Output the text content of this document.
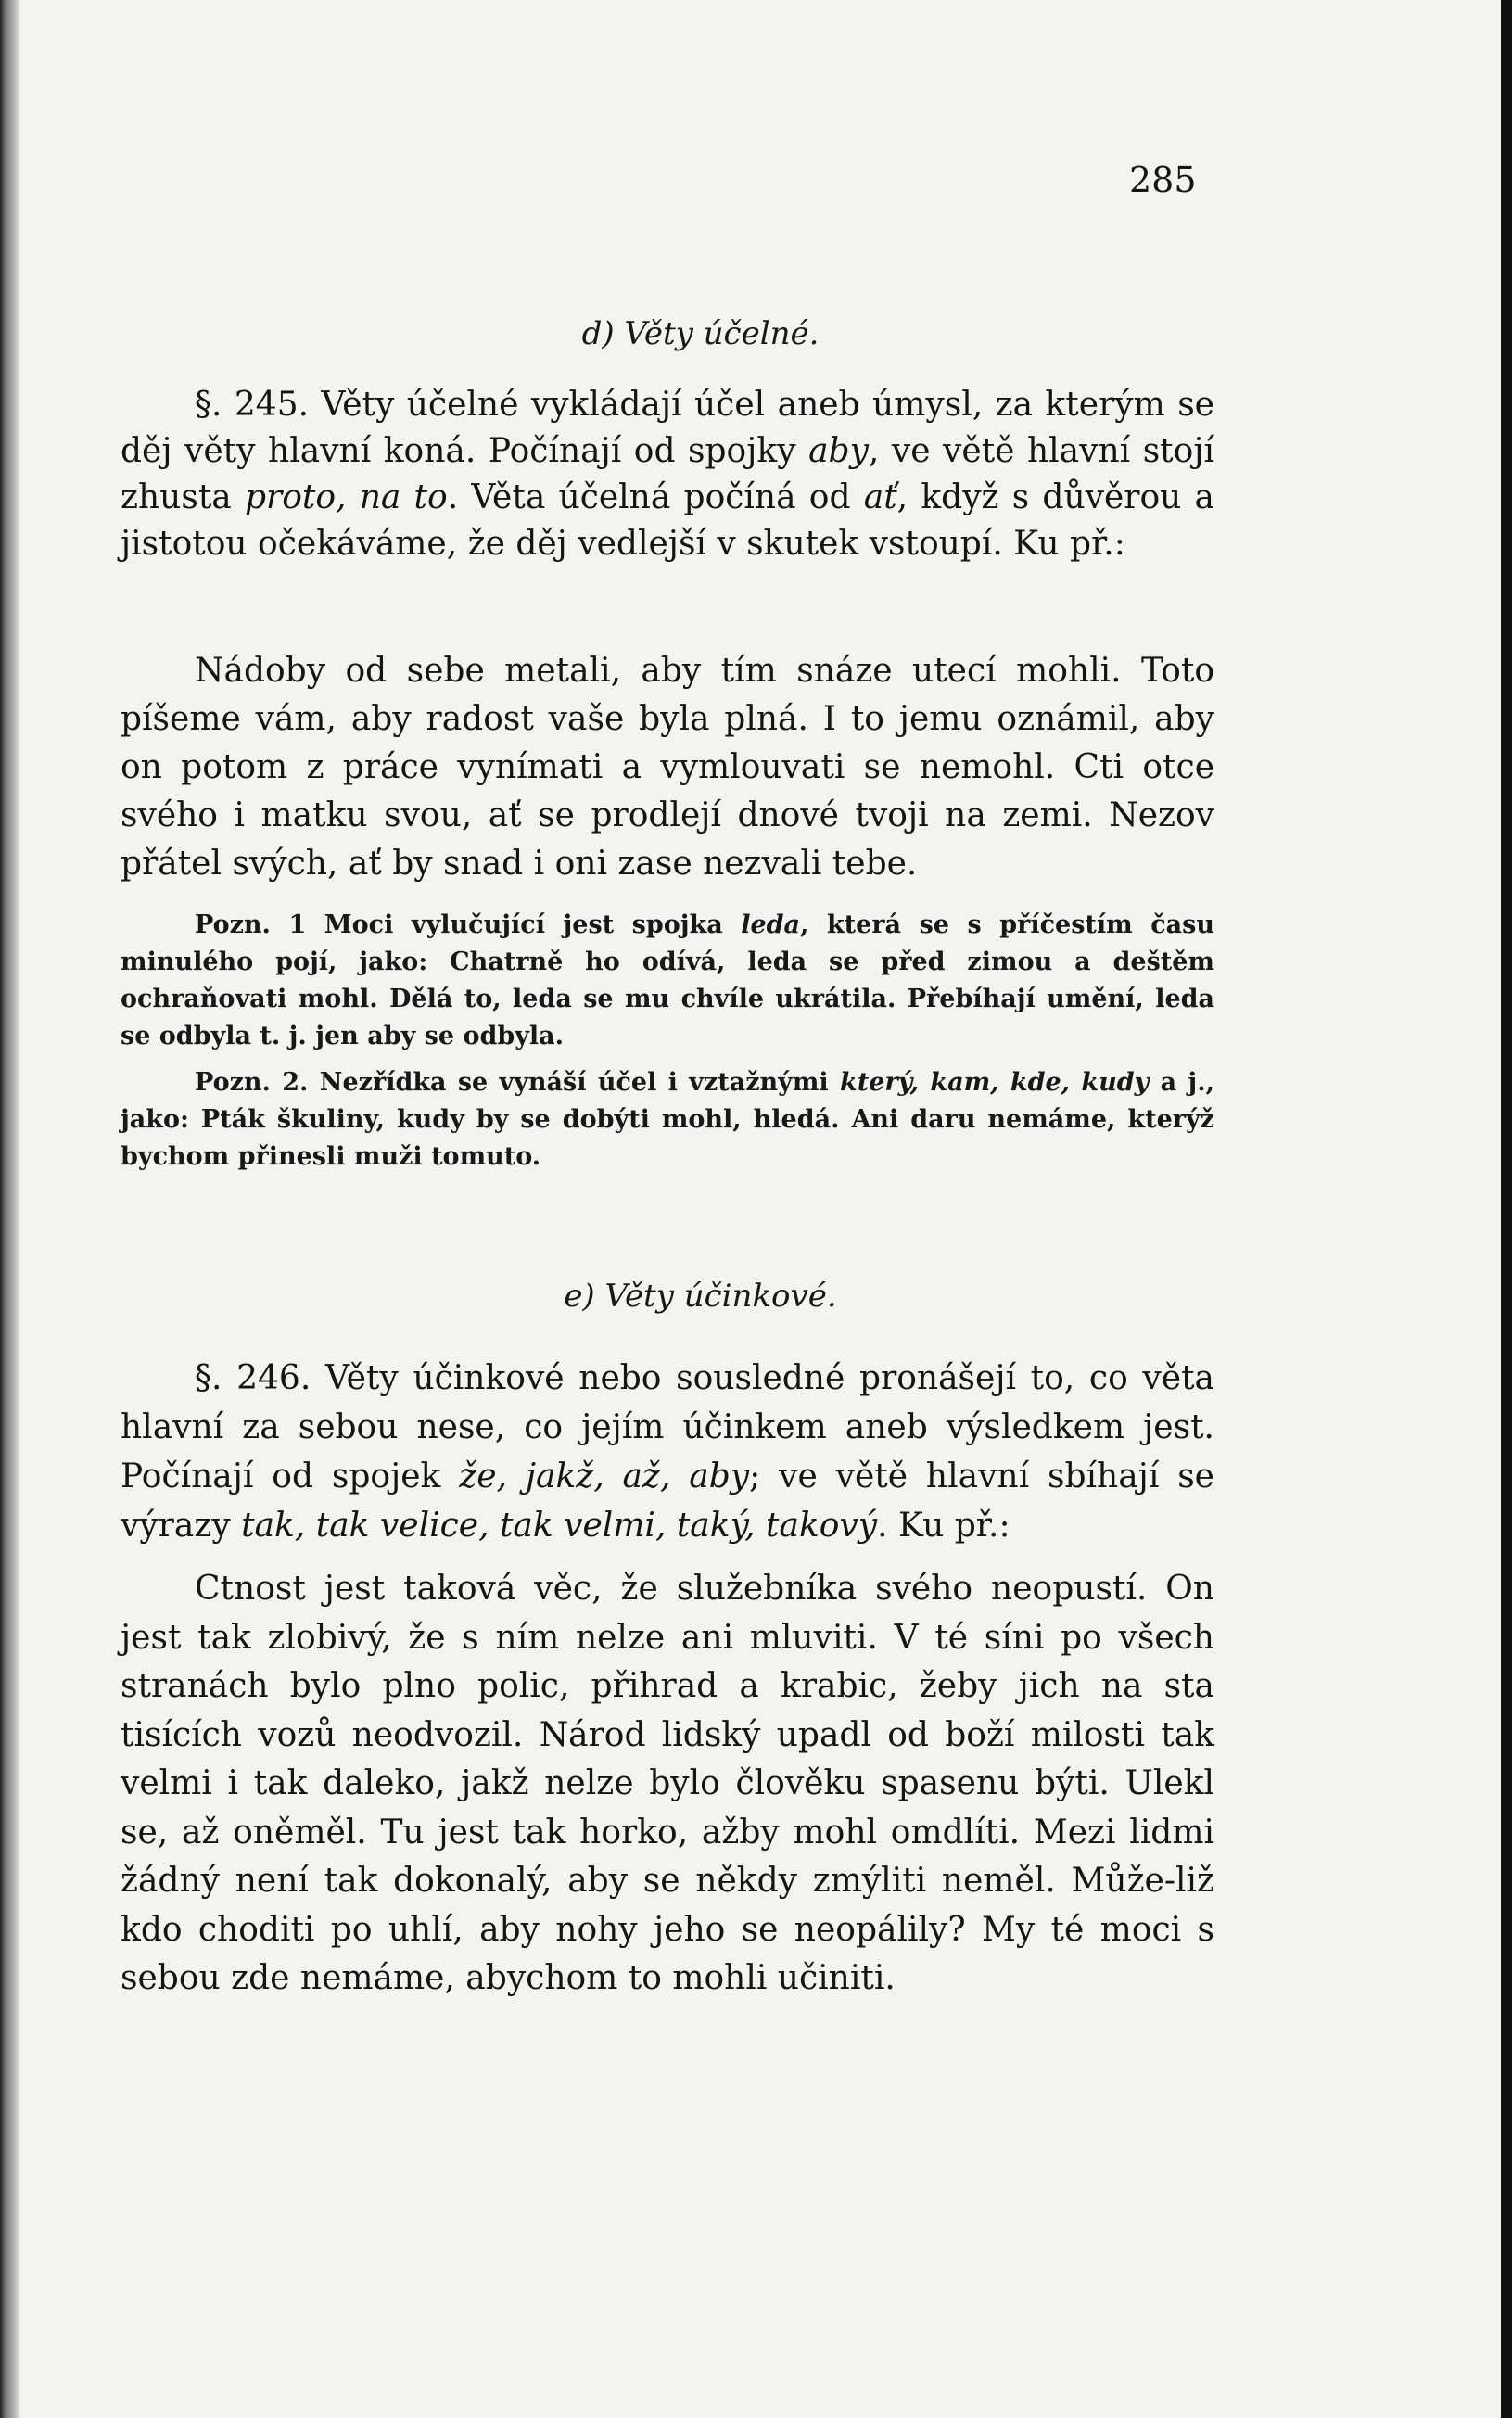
285
d) Věty účelné.

§. 245. Věty účelné vykládají účel aneb úmysl, za kterým se děj věty hlavní koná. Počínají od spojky aby, ve větě hlavní stojí zhusta proto, na to. Věta účelná počíná od ať, když s důvěrou a jistotou očekáváme, že děj vedlejší v skutek vstoupí. Ku př.:

Nádoby od sebe metali, aby tím snáze utecí mohli. Toto píšeme vám, aby radost vaše byla plná. I to jemu oznámil, aby on potom z práce vynímati a vymlouvati se nemohl. Cti otce svého i matku svou, ať se prodlejí dnové tvoji na zemi. Nezov přátel svých, ať by snad i oni zase nezvali tebe.

Pozn. 1 Moci vylučující jest spojka leda, která se s příčestím času minulého pojí, jako: Chatrně ho odívá, leda se před zimou a deštěm ochraňovati mohl. Dělá to, leda se mu chvíle ukrátila. Přebíhají umění, leda se odbyla t. j. jen aby se odbyla.

Pozn. 2. Nezřídka se vynáší účel i vztažnými který, kam, kde, kudy a j., jako: Pták škuliny, kudy by se dobýti mohl, hledá. Ani daru nemáme, kterýž bychom přinesli muži tomuto.

e) Věty účinkové.

§. 246. Věty účinkové nebo sousledné pronášejí to, co věta hlavní za sebou nese, co jejím účinkem aneb výsledkem jest. Počínají od spojek že, jakž, až, aby; ve větě hlavní sbíhají se výrazy tak, tak velice, tak velmi, taký, takový. Ku př.:

Ctnost jest taková věc, že služebníka svého neopustí. On jest tak zlobivý, že s ním nelze ani mluviti. V té síni po všech stranách bylo plno polic, přihrad a krabic, žeby jich na sta tisících vozů neodvozil. Národ lidský upadl od boží milosti tak velmi i tak daleko, jakž nelze bylo člověku spasenu býti. Ulekl se, až oněměl. Tu jest tak horko, ažby mohl omdlíti. Mezi lidmi žádný není tak dokonalý, aby se někdy zmýliti neměl. Může-liž kdo choditi po uhlí, aby nohy jeho se neopálily? My té moci s sebou zde nemáme, abychom to mohli učiniti.
